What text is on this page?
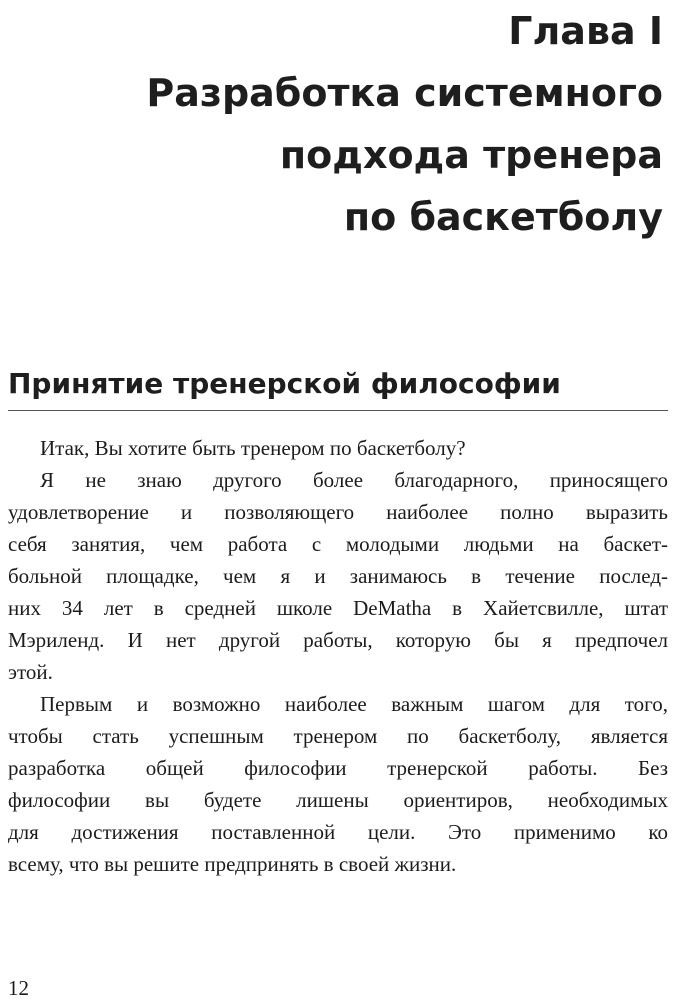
Глава I
Разработка системного
подхода тренера
по баскетболу
Принятие тренерской философии

Итак, Вы хотите быть тренером по баскетболу?

Я не знаю другого более благодарного, приносящего
удовлетворение и позволяющего наиболее полно выразить
себя занятия, чем работа с молодыми людьми на баскет-
больной площадке, чем я и занимаюсь в течение послед-
них 34 лет в средней школе DeMatha в Хайетсвилле, штат
Мэриленд. И нет другой работы, которую бы я предпочел
этой.

Первым и возможно наиболее важным шагом для того,
чтобы стать успешным тренером по баскетболу, является
разработка общей философии тренерской работы. Без
философии вы будете лишены ориентиров, необходимых
для достижения поставленной цели. Это применимо ко
всему, что вы решите предпринять в своей жизни.

12
